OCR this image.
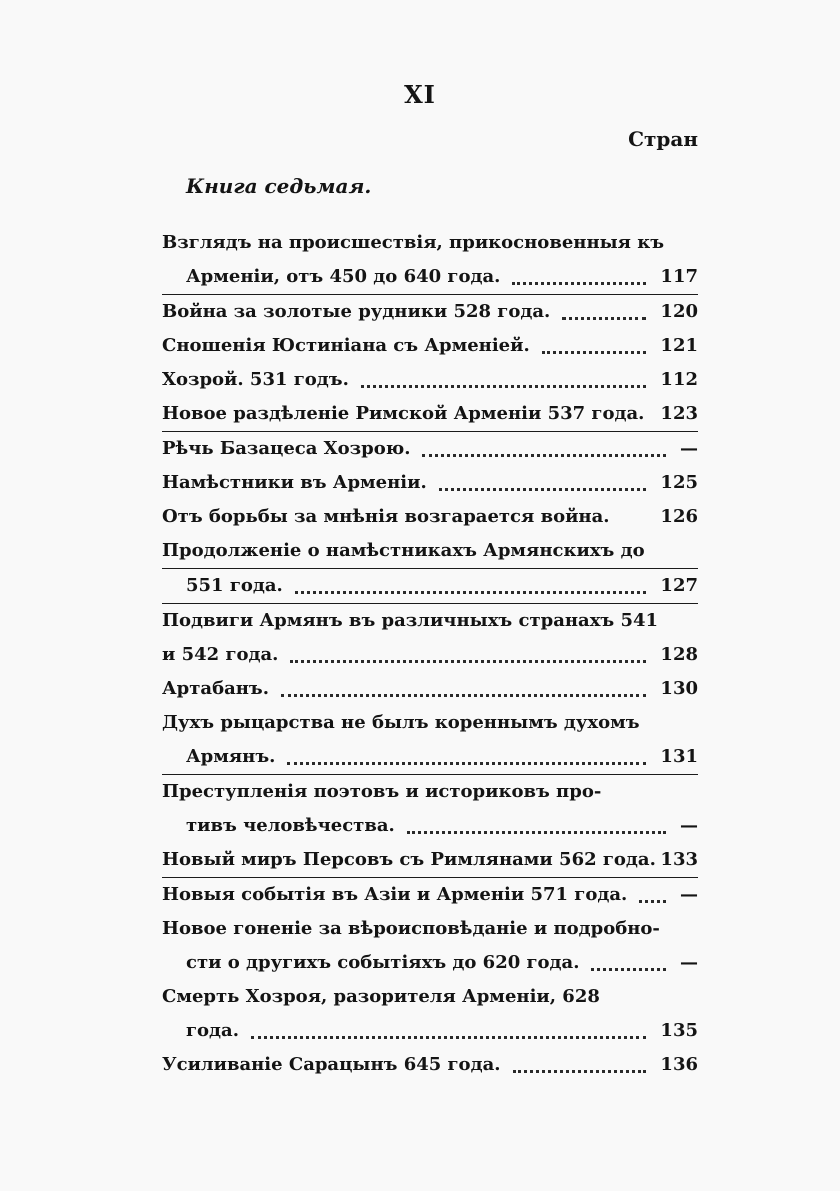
XI
Стран
Книга седьмая.
Взглядъ на происшествія, прикосновенныя къ
Арменіи, отъ 450 до 640 года.	117
Война за золотые рудники 528 года.	120
Сношенія Юстиніана съ Арменіей.	121
Хозрой. 531 годъ.	112
Новое раздѣленіе Римской Арменіи 537 года. 123
Рѣчь Базацеса Хозрою.	—
Намѣстники въ Арменіи.	125
Отъ борьбы за мнѣнія возгарается война.	126
Продолженіе о намѣстникахъ Армянскихъ до
551 года.	127
Подвиги Армянъ въ различныхъ странахъ 541
и 542 года.	128
Артабанъ.	130
Духъ рыцарства не былъ кореннымъ духомъ
Армянъ.	131
Преступленія поэтовъ и историковъ про-
тивъ человѣчества.	—
Новый миръ Персовъ съ Римлянами 562 года. 133
Новыя событія въ Азіи и Арменіи 571 года.	—
Новое гоненіе за вѣроисповѣданіе и подробно-
сти о другихъ событіяхъ до 620 года.	—
Смерть Хозроя, разорителя Арменіи, 628
года.	135
Усиливаніе Сарацынъ 645 года.	136
